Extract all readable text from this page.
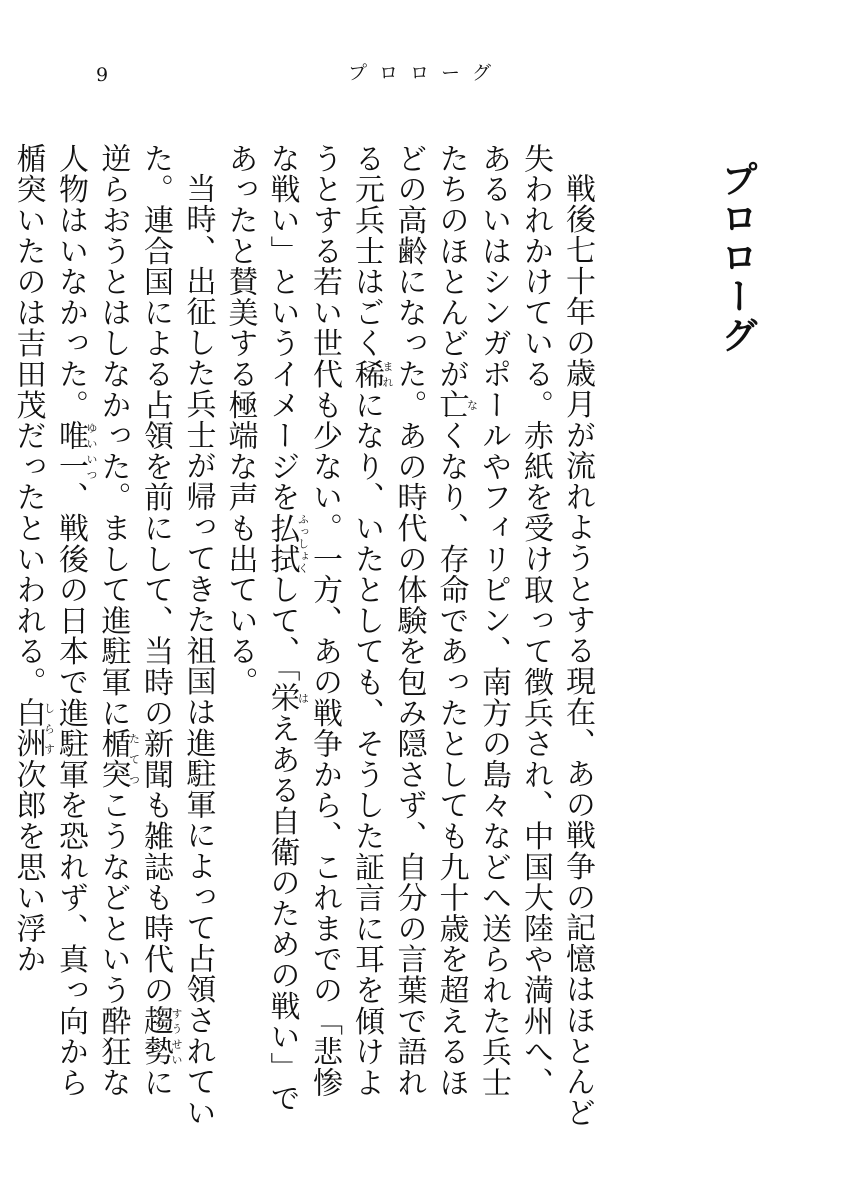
9	プロローグ
プロローグ

戦後七十年の歳月が流れようとする現在、あの戦争の記憶はほとんど失われかけている。赤紙を受け取って徴兵され、中国大陸や満州へ、あるいはシンガポールやフィリピン、南方の島々などへ送られた兵士たちのほとんどが亡なくなり、存命であったとしても九十歳を超えるほどの高齢になった。あの時代の体験を包み隠さず、自分の言葉で語れる元兵士はごく稀まれになり、いたとしても、そうした証言に耳を傾けようとする若い世代も少ない。一方、あの戦争から、これまでの「悲惨な戦い」というイメージを払拭ふっしょくして、「栄はえある自衛のための戦い」であったと賛美する極端な声も出ている。

当時、出征した兵士が帰ってきた祖国は進駐軍によって占領されていた。連合国による占領を前にして、当時の新聞も雑誌も時代の趨勢すうせいに逆らおうとはしなかった。まして進駐軍に楯突たてつこうなどという酔狂な人物はいなかった。唯一ゆいいつ、戦後の日本で進駐軍を恐れず、真っ向から楯突いたのは吉田茂だったといわれる。白洲しらす次郎を思い浮か
